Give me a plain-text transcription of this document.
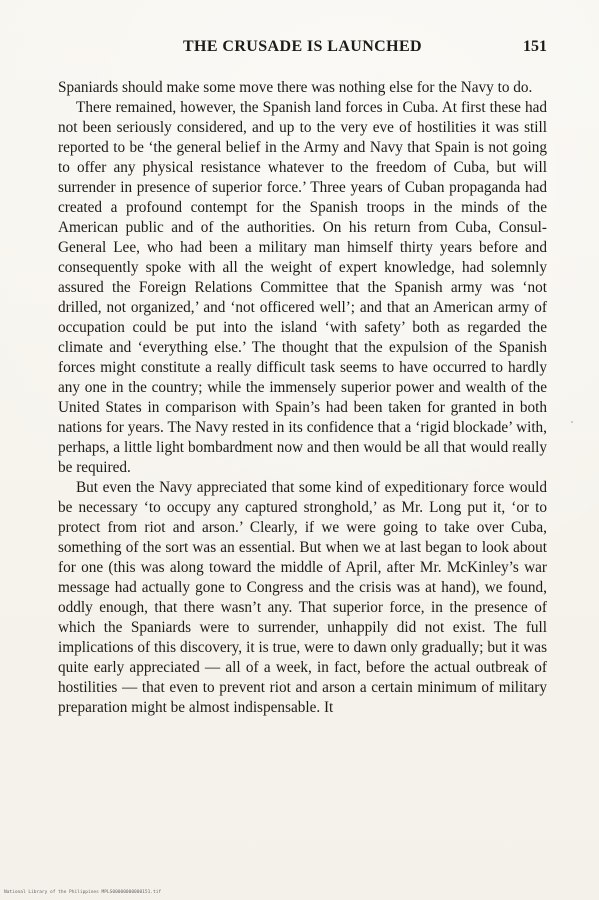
THE CRUSADE IS LAUNCHED	151

Spaniards should make some move there was nothing else for the Navy to do.

There remained, however, the Spanish land forces in Cuba. At first these had not been seriously considered, and up to the very eve of hostilities it was still reported to be ‘the general belief in the Army and Navy that Spain is not going to offer any physical resistance whatever to the freedom of Cuba, but will surrender in presence of superior force.’ Three years of Cuban propaganda had created a profound contempt for the Spanish troops in the minds of the American public and of the authorities. On his return from Cuba, Consul-General Lee, who had been a military man himself thirty years before and consequently spoke with all the weight of expert knowledge, had solemnly assured the Foreign Relations Committee that the Spanish army was ‘not drilled, not organized,’ and ‘not officered well’; and that an American army of occupation could be put into the island ‘with safety’ both as regarded the climate and ‘everything else.’ The thought that the expulsion of the Spanish forces might constitute a really difficult task seems to have occurred to hardly any one in the country; while the immensely superior power and wealth of the United States in comparison with Spain’s had been taken for granted in both nations for years. The Navy rested in its confidence that a ‘rigid blockade’ with, perhaps, a little light bombardment now and then would be all that would really be required.

But even the Navy appreciated that some kind of expeditionary force would be necessary ‘to occupy any captured stronghold,’ as Mr. Long put it, ‘or to protect from riot and arson.’ Clearly, if we were going to take over Cuba, something of the sort was an essential. But when we at last began to look about for one (this was along toward the middle of April, after Mr. McKinley’s war message had actually gone to Congress and the crisis was at hand), we found, oddly enough, that there wasn’t any. That superior force, in the presence of which the Spaniards were to surrender, unhappily did not exist. The full implications of this discovery, it is true, were to dawn only gradually; but it was quite early appreciated — all of a week, in fact, before the actual outbreak of hostilities — that even to prevent riot and arson a certain minimum of military preparation might be almost indispensable. It

National Library of the Philippines MPLS00000000000151.tif
